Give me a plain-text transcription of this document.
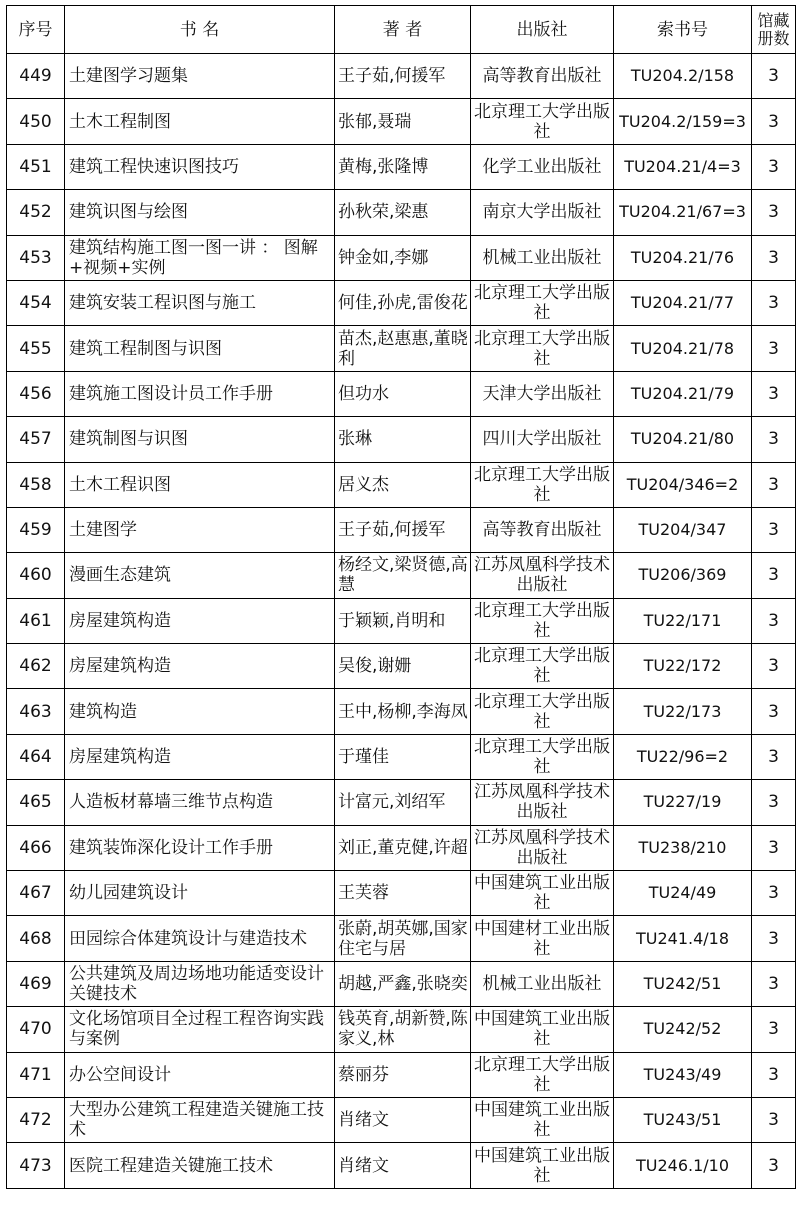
序号	书 名	著 者	出版社	索书号	馆藏
册数

449	土建图学习题集	王子茹,何援军	高等教育出版社	TU204.2/158	3

450	土木工程制图	张郁,聂瑞	北京理工大学出版社	TU204.2/159=3	3

451	建筑工程快速识图技巧	黄梅,张隆博	化学工业出版社	TU204.21/4=3	3

452	建筑识图与绘图	孙秋荣,梁惠	南京大学出版社	TU204.21/67=3	3

453	建筑结构施工图一图一讲 ： 图解+视频+实例	钟金如,李娜	机械工业出版社	TU204.21/76	3

454	建筑安装工程识图与施工	何佳,孙虎,雷俊花	北京理工大学出版社	TU204.21/77	3

455	建筑工程制图与识图	苗杰,赵惠惠,董晓利	北京理工大学出版社	TU204.21/78	3

456	建筑施工图设计员工作手册	但功水	天津大学出版社	TU204.21/79	3

457	建筑制图与识图	张琳	四川大学出版社	TU204.21/80	3

458	土木工程识图	居义杰	北京理工大学出版社	TU204/346=2	3

459	土建图学	王子茹,何援军	高等教育出版社	TU204/347	3

460	漫画生态建筑	杨经文,梁贤德,高慧	江苏凤凰科学技术出版社	TU206/369	3

461	房屋建筑构造	于颖颖,肖明和	北京理工大学出版社	TU22/171	3

462	房屋建筑构造	吴俊,谢姗	北京理工大学出版社	TU22/172	3

463	建筑构造	王中,杨柳,李海凤	北京理工大学出版社	TU22/173	3

464	房屋建筑构造	于瑾佳	北京理工大学出版社	TU22/96=2	3

465	人造板材幕墙三维节点构造	计富元,刘绍军	江苏凤凰科学技术出版社	TU227/19	3

466	建筑装饰深化设计工作手册	刘正,董克健,许超	江苏凤凰科学技术出版社	TU238/210	3

467	幼儿园建筑设计	王芙蓉	中国建筑工业出版社	TU24/49	3

468	田园综合体建筑设计与建造技术	张蔚,胡英娜,国家住宅与居	中国建材工业出版社	TU241.4/18	3

469	公共建筑及周边场地功能适变设计关键技术	胡越,严鑫,张晓奕	机械工业出版社	TU242/51	3

470	文化场馆项目全过程工程咨询实践与案例	钱英育,胡新赞,陈家义,林	中国建筑工业出版社	TU242/52	3

471	办公空间设计	蔡丽芬	北京理工大学出版社	TU243/49	3

472	大型办公建筑工程建造关键施工技术	肖绪文	中国建筑工业出版社	TU243/51	3

473	医院工程建造关键施工技术	肖绪文	中国建筑工业出版社	TU246.1/10	3
